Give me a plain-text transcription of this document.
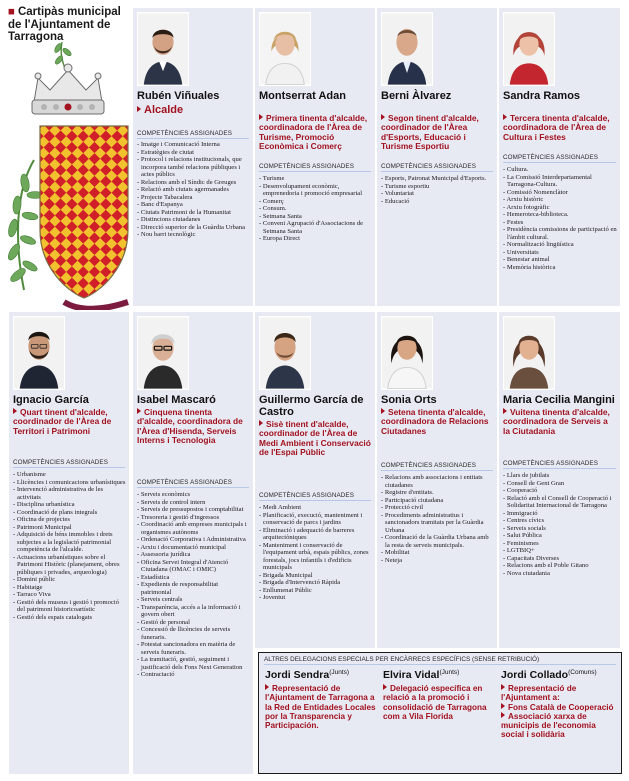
■ Cartipàs municipal de l'Ajuntament de Tarragona
Rubén Viñuales
Alcalde
COMPETÈNCIES ASSIGNADES
- Imatge i Comunicació Interna
- Estratègies de ciutat
- Protocol i relacions institucionals, que incorpora també relacions públiques i actes públics
- Relacions amb el Síndic de Greuges
- Relació amb ciutats agermanades
- Projecte Tabacalera
- Banc d'Espanya
- Ciutats Patrimoni de la Humanitat
- Distincions ciutadanes
- Direcció superior de la Guàrdia Urbana
- Nou barri tecnològic
Montserrat Adan
Primera tinenta d'alcalde, coordinadora de l'Àrea de Turisme, Promoció Econòmica i Comerç
COMPETÈNCIES ASSIGNADES
- Turisme
- Desenvolupament econòmic, emprenedoria i promoció empresarial
- Comerç
- Consum.
- Setmana Santa
- Conveni Agrupació d'Associacions de Setmana Santa
- Europa Direct
Berni Àlvarez
Segon tinent d'alcalde, coordinador de l'Àrea d'Esports, Educació i Turisme Esportiu
COMPETÈNCIES ASSIGNADES
- Esports, Patronat Municipal d'Esports.
- Turisme esportiu
- Voluntariat
- Educació
Sandra Ramos
Tercera tinenta d'alcalde, coordinadora de l'Àrea de Cultura i Festes
COMPETÈNCIES ASSIGNADES
- Cultura.
- La Comissió Interdepartamental Tarragona-Cultura.
- Comissió Nomenclàtor
- Arxiu històric
- Arxiu fotogràfic
- Hemeroteca-biblioteca.
- Festes
- Presidència comissions de participació en l'àmbit cultural.
- Normalització lingüística
- Universitats
- Benestar animal
- Memòria històrica
Ignacio García
Quart tinent d'alcalde, coordinador de l'Àrea de Territori i Patrimoni
COMPETÈNCIES ASSIGNADES
- Urbanisme
- Llicències i comunicacions urbanístiques
- Intervenció administrativa de les activitats
- Disciplina urbanística
- Coordinació de plans integrals
- Oficina de projectes
- Patrimoni Municipal
- Adquisició de béns immobles i drets subjectes a la legislació patrimonial competència de l'alcalde.
- Actuacions urbanístiques sobre el Patrimoni Històric (planejament, obres públiques i privades, arqueologia)
- Domini públic
- Habitatge
- Tarraco Viva
- Gestió dels museus i gestió i promoció del patrimoni historicoartístic
- Gestió dels espais catalogats
Isabel Mascaró
Cinquena tinenta d'alcalde, coordinadora de l'Àrea d'Hisenda, Serveis Interns i Tecnologia
COMPETÈNCIES ASSIGNADES
- Serveis econòmics
- Serveis de control intern
- Serveis de pressupostos i comptabilitat
- Tresoreria i gestió d'ingressos
- Coordinació amb empreses municipals i organismes autònoms
- Ordenació Corporativa i Administrativa
- Arxiu i documentació municipal
- Assessoria jurídica
- Oficina Servei Integral d'Atenció Ciutadana (OMAC i OMIC)
- Estadística
- Expedients de responsabilitat patrimonial
- Serveis centrals
- Transparència, accés a la informació i govern obert
- Gestió de personal
- Concessió de llicències de serveis funeraris.
- Potestat sancionadora en matèria de serveis funeraris.
- La tramitació, gestió, seguiment i justificació dels Fons Next Generation
- Contractació
Guillermo García de Castro
Sisè tinent d'alcalde, coordinador de l'Àrea de Medi Ambient i Conservació de l'Espai Públic
COMPETÈNCIES ASSIGNADES
- Medi Ambient
- Planificació, execució, manteniment i conservació de parcs i jardins
- Eliminació i adequació de barreres arquitectòniques
- Manteniment i conservació de l'equipament urbà, espais públics, zones forestals, jocs infantils i d'edificis municipals
- Brigada Municipal
- Brigada d'Intervenció Ràpida
- Enllumenat Públic
- Joventut
Sonia Orts
Setena tinenta d'alcalde, coordinadora de Relacions Ciutadanes
COMPETÈNCIES ASSIGNADES
- Relacions amb associacions i entitats ciutadanes
- Registre d'entitats.
- Participació ciutadana
- Protecció civil
- Procediments administratius i sancionadors tramitats per la Guàrdia Urbana
- Coordinació de la Guàrdia Urbana amb la resta de serveis municipals.
- Mobilitat
- Neteja
Maria Cecilia Mangini
Vuitena tinenta d'alcalde, coordinadora de Serveis a la Ciutadania
COMPETÈNCIES ASSIGNADES
- Llars de jubilats
- Consell de Gent Gran
- Cooperació
- Relació amb el Consell de Cooperació i Solidaritat Internacional de Tarragona
- Immigració
- Centres cívics
- Serveis socials
- Salut Pública
- Feminismes
- LGTBIQ+
- Capacitats Diverses
- Relacions amb el Poble Gitano
- Nova ciutadania
ALTRES DELEGACIONS ESPECIALS PER ENCÀRRECS ESPECÍFICS (SENSE RETRIBUCIÓ)
Jordi Sendra$^{(Junts)}$
Representació de l'Ajuntament de Tarragona a la Red de Entidades Locales por la Transparencia y Participación.
Elvira Vidal$^{(Junts)}$
Delegació específica en relació a la promoció i consolidació de Tarragona com a Vila Florida
Jordi Collado$^{(Comuns)}$
Representació de l'Ajuntament a:
Fons Català de Cooperació
Associació xarxa de municipis de l'economia social i solidària
